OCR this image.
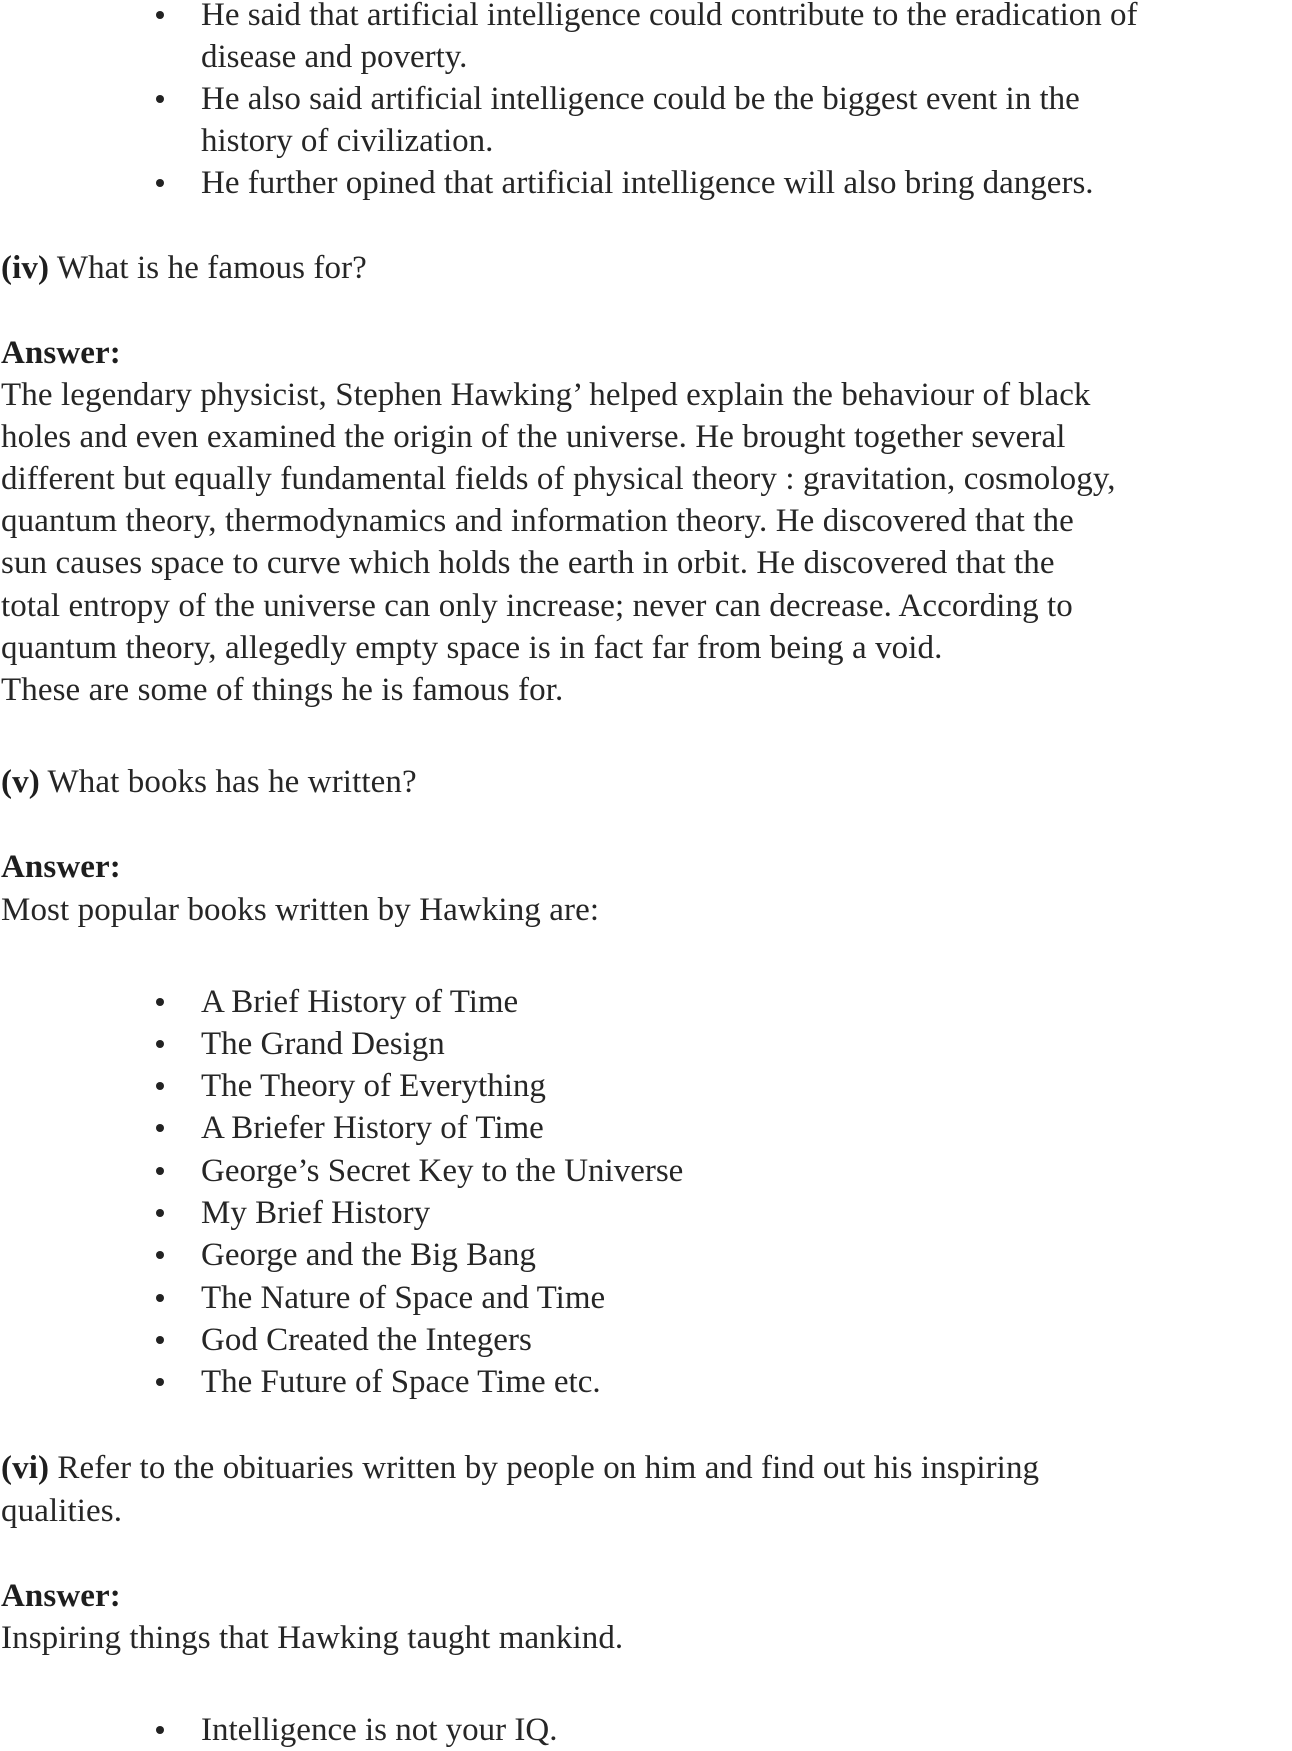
He said that artificial intelligence could contribute to the eradication of
disease and poverty.
He also said artificial intelligence could be the biggest event in the
history of civilization.
He further opined that artificial intelligence will also bring dangers.
(iv) What is he famous for?
Answer:
The legendary physicist, Stephen Hawking’ helped explain the behaviour of black
holes and even examined the origin of the universe. He brought together several
different but equally fundamental fields of physical theory : gravitation, cosmology,
quantum theory, thermodynamics and information theory. He discovered that the
sun causes space to curve which holds the earth in orbit. He discovered that the
total entropy of the universe can only increase; never can decrease. According to
quantum theory, allegedly empty space is in fact far from being a void.
These are some of things he is famous for.
(v) What books has he written?
Answer:
Most popular books written by Hawking are:
A Brief History of Time
The Grand Design
The Theory of Everything
A Briefer History of Time
George’s Secret Key to the Universe
My Brief History
George and the Big Bang
The Nature of Space and Time
God Created the Integers
The Future of Space Time etc.
(vi) Refer to the obituaries written by people on him and find out his inspiring
qualities.
Answer:
Inspiring things that Hawking taught mankind.
Intelligence is not your IQ.
